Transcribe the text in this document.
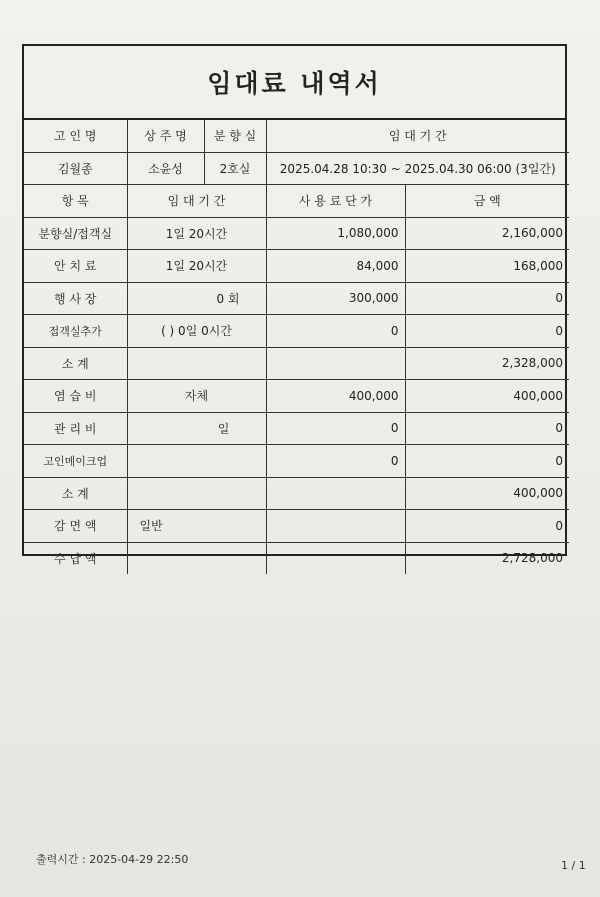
임대료 내역서
고 인 명	상 주 명	분 향 실	임 대 기 간	
김월종	소윤성	2호실	2025.04.28 10:30 ~ 2025.04.30 06:00 (3일간)	
항 목	임 대 기 간		사 용 료 단 가	금 액
분향실/접객실	1일 20시간		1,080,000	2,160,000
안 치 료	1일 20시간		84,000	168,000
행 사 장	0 회		300,000	0
접객실추가	( ) 0일 0시간		0	0
소 계				2,328,000
염 습 비	자체		400,000	400,000
관 리 비	일		0	0
고인메이크업			0	0
소 계				400,000
감 면 액	일반			0
수 납 액				2,728,000
출력시간 : 2025-04-29 22:50	1 / 1
